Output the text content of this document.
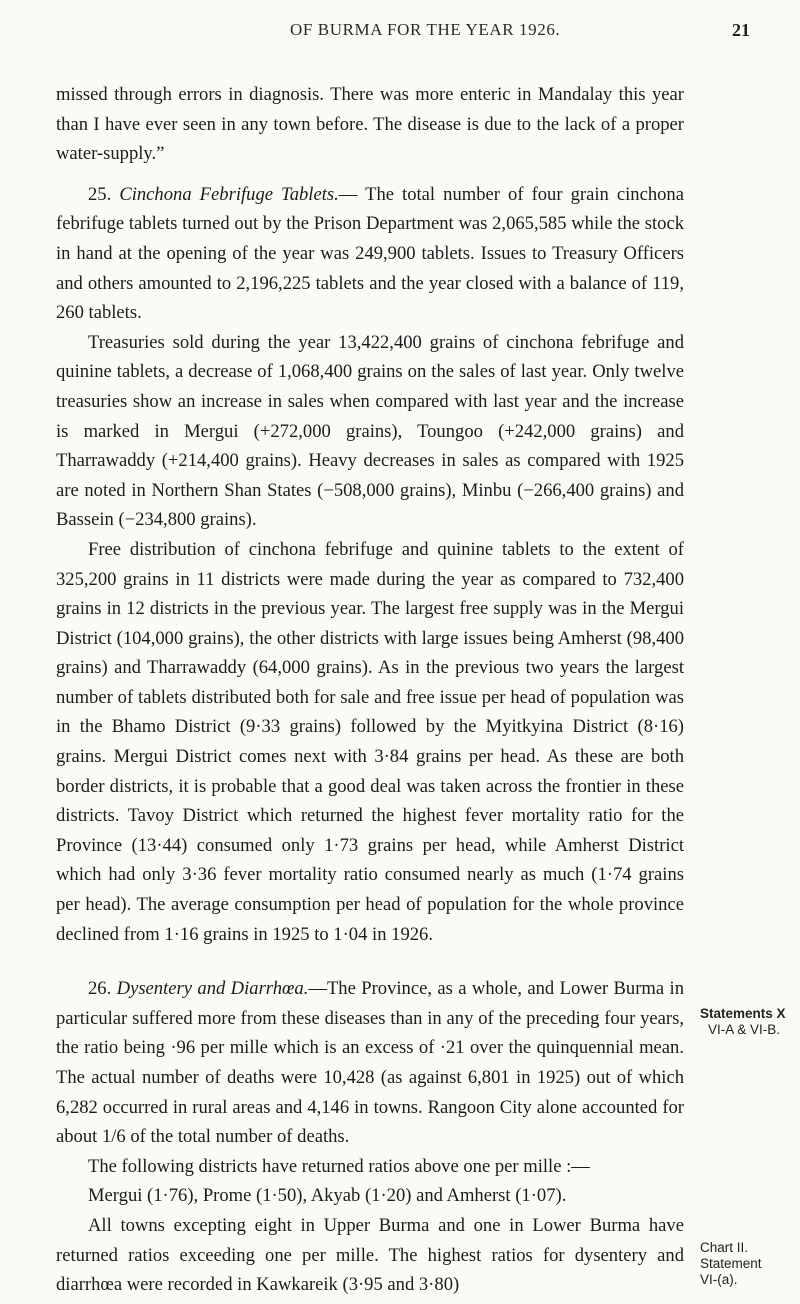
OF BURMA FOR THE YEAR 1926.	21

missed through errors in diagnosis. There was more enteric in Mandalay this year than I have ever seen in any town before. The disease is due to the lack of a proper water-supply.”

25. Cinchona Febrifuge Tablets.— The total number of four grain cinchona febrifuge tablets turned out by the Prison Department was 2,065,585 while the stock in hand at the opening of the year was 249,900 tablets. Issues to Treasury Officers and others amounted to 2,196,225 tablets and the year closed with a balance of 119, 260 tablets.

Treasuries sold during the year 13,422,400 grains of cinchona febrifuge and quinine tablets, a decrease of 1,068,400 grains on the sales of last year. Only twelve treasuries show an increase in sales when compared with last year and the increase is marked in Mergui (+272,000 grains), Toungoo (+242,000 grains) and Tharrawaddy (+214,400 grains). Heavy decreases in sales as compared with 1925 are noted in Northern Shan States (−508,000 grains), Minbu (−266,400 grains) and Bassein (−234,800 grains).

Free distribution of cinchona febrifuge and quinine tablets to the extent of 325,200 grains in 11 districts were made during the year as compared to 732,400 grains in 12 districts in the previous year. The largest free supply was in the Mergui District (104,000 grains), the other districts with large issues being Amherst (98,400 grains) and Tharrawaddy (64,000 grains). As in the previous two years the largest number of tablets distributed both for sale and free issue per head of population was in the Bhamo District (9·33 grains) followed by the Myitkyina District (8·16) grains. Mergui District comes next with 3·84 grains per head. As these are both border districts, it is probable that a good deal was taken across the frontier in these districts. Tavoy District which returned the highest fever mortality ratio for the Province (13·44) consumed only 1·73 grains per head, while Amherst District which had only 3·36 fever mortality ratio consumed nearly as much (1·74 grains per head). The average consumption per head of population for the whole province declined from 1·16 grains in 1925 to 1·04 in 1926.

26. Dysentery and Diarrhœa.—The Province, as a whole, and Lower Burma in particular suffered more from these diseases than in any of the preceding four years, the ratio being ·96 per mille which is an excess of ·21 over the quinquennial mean. The actual number of deaths were 10,428 (as against 6,801 in 1925) out of which 6,282 occurred in rural areas and 4,146 in towns. Rangoon City alone accounted for about 1/6 of the total number of deaths.

The following districts have returned ratios above one per mille :—

Mergui (1·76), Prome (1·50), Akyab (1·20) and Amherst (1·07).

All towns excepting eight in Upper Burma and one in Lower Burma have returned ratios exceeding one per mille. The highest ratios for dysentery and diarrhœa were recorded in Kawkareik (3·95 and 3·80)

Statements X
VI-A & VI-B.
Chart II.
Statement
VI-(a).
